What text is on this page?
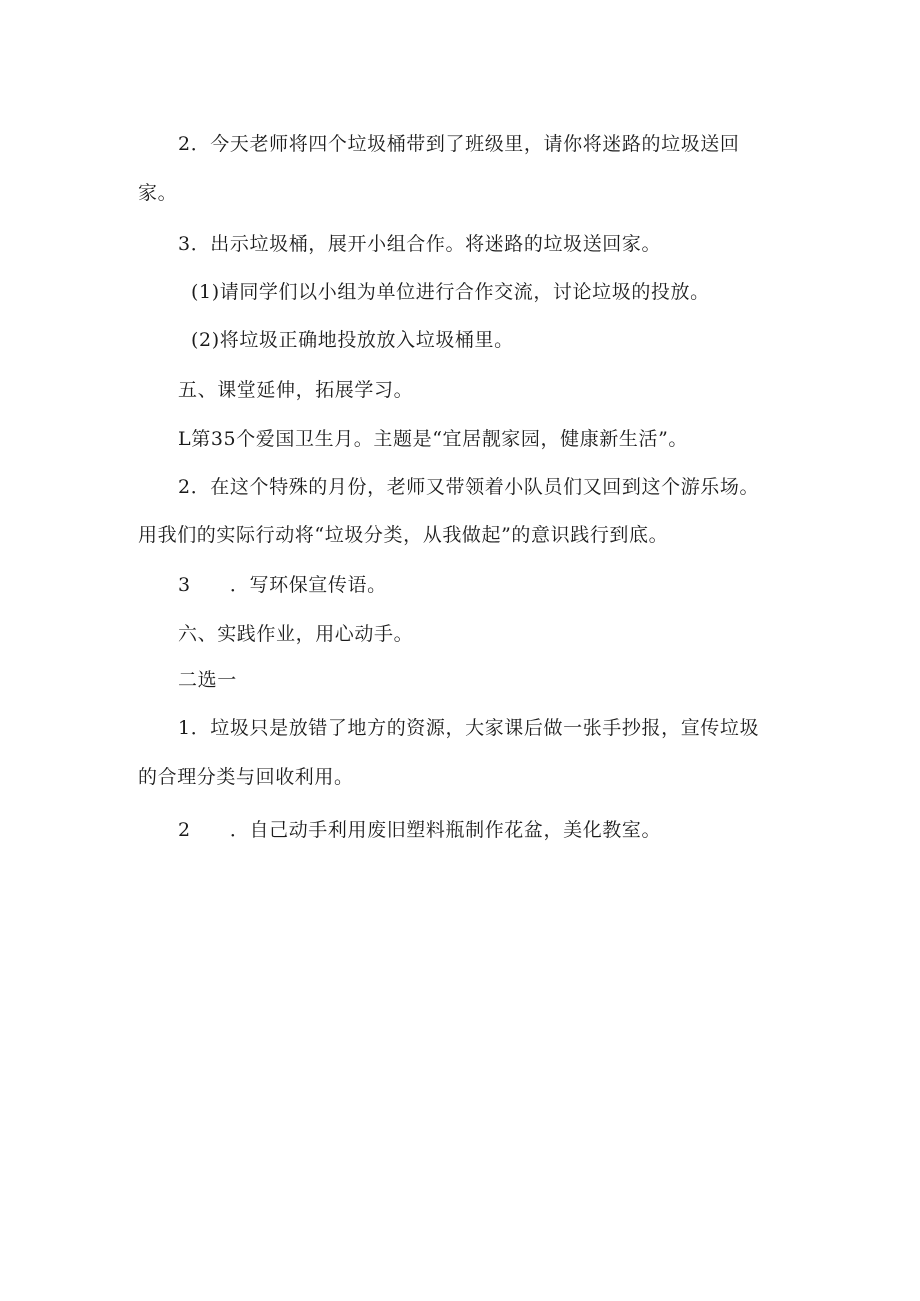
2．今天老师将四个垃圾桶带到了班级里，请你将迷路的垃圾送回
家。
3．出示垃圾桶，展开小组合作。将迷路的垃圾送回家。
(1)请同学们以小组为单位进行合作交流，讨论垃圾的投放。
(2)将垃圾正确地投放放入垃圾桶里。
五、课堂延伸，拓展学习。
L第35个爱国卫生月。主题是“宜居靓家园，健康新生活”。
2．在这个特殊的月份，老师又带领着小队员们又回到这个游乐场。
用我们的实际行动将“垃圾分类，从我做起”的意识践行到底。
3　　．写环保宣传语。
六、实践作业，用心动手。
二选一
1．垃圾只是放错了地方的资源，大家课后做一张手抄报，宣传垃圾
的合理分类与回收利用。
2　　．自己动手利用废旧塑料瓶制作花盆，美化教室。
